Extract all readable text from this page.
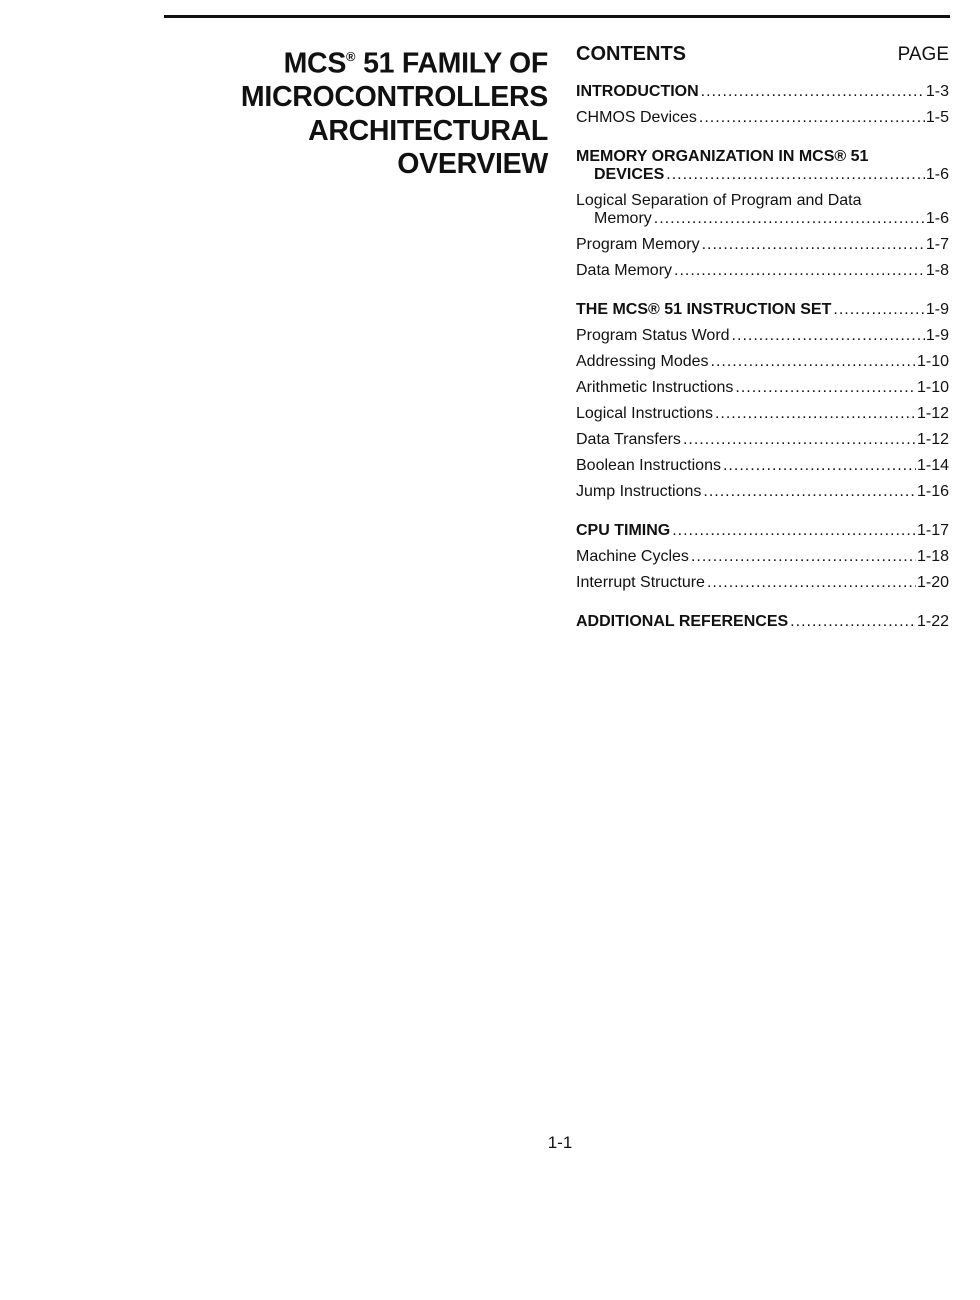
MCS® 51 FAMILY OF
MICROCONTROLLERS
ARCHITECTURAL
OVERVIEW
CONTENTS	PAGE
INTRODUCTION .....	1-3
CHMOS Devices .....	1-5
MEMORY ORGANIZATION IN MCS® 51
DEVICES .....	1-6
Logical Separation of Program and Data
Memory .....	1-6
Program Memory .....	1-7
Data Memory .....	1-8
THE MCS® 51 INSTRUCTION SET .....	1-9
Program Status Word .....	1-9
Addressing Modes .....	1-10
Arithmetic Instructions .....	1-10
Logical Instructions .....	1-12
Data Transfers .....	1-12
Boolean Instructions .....	1-14
Jump Instructions .....	1-16
CPU TIMING .....	1-17
Machine Cycles .....	1-18
Interrupt Structure .....	1-20
ADDITIONAL REFERENCES .....	1-22
1-1
